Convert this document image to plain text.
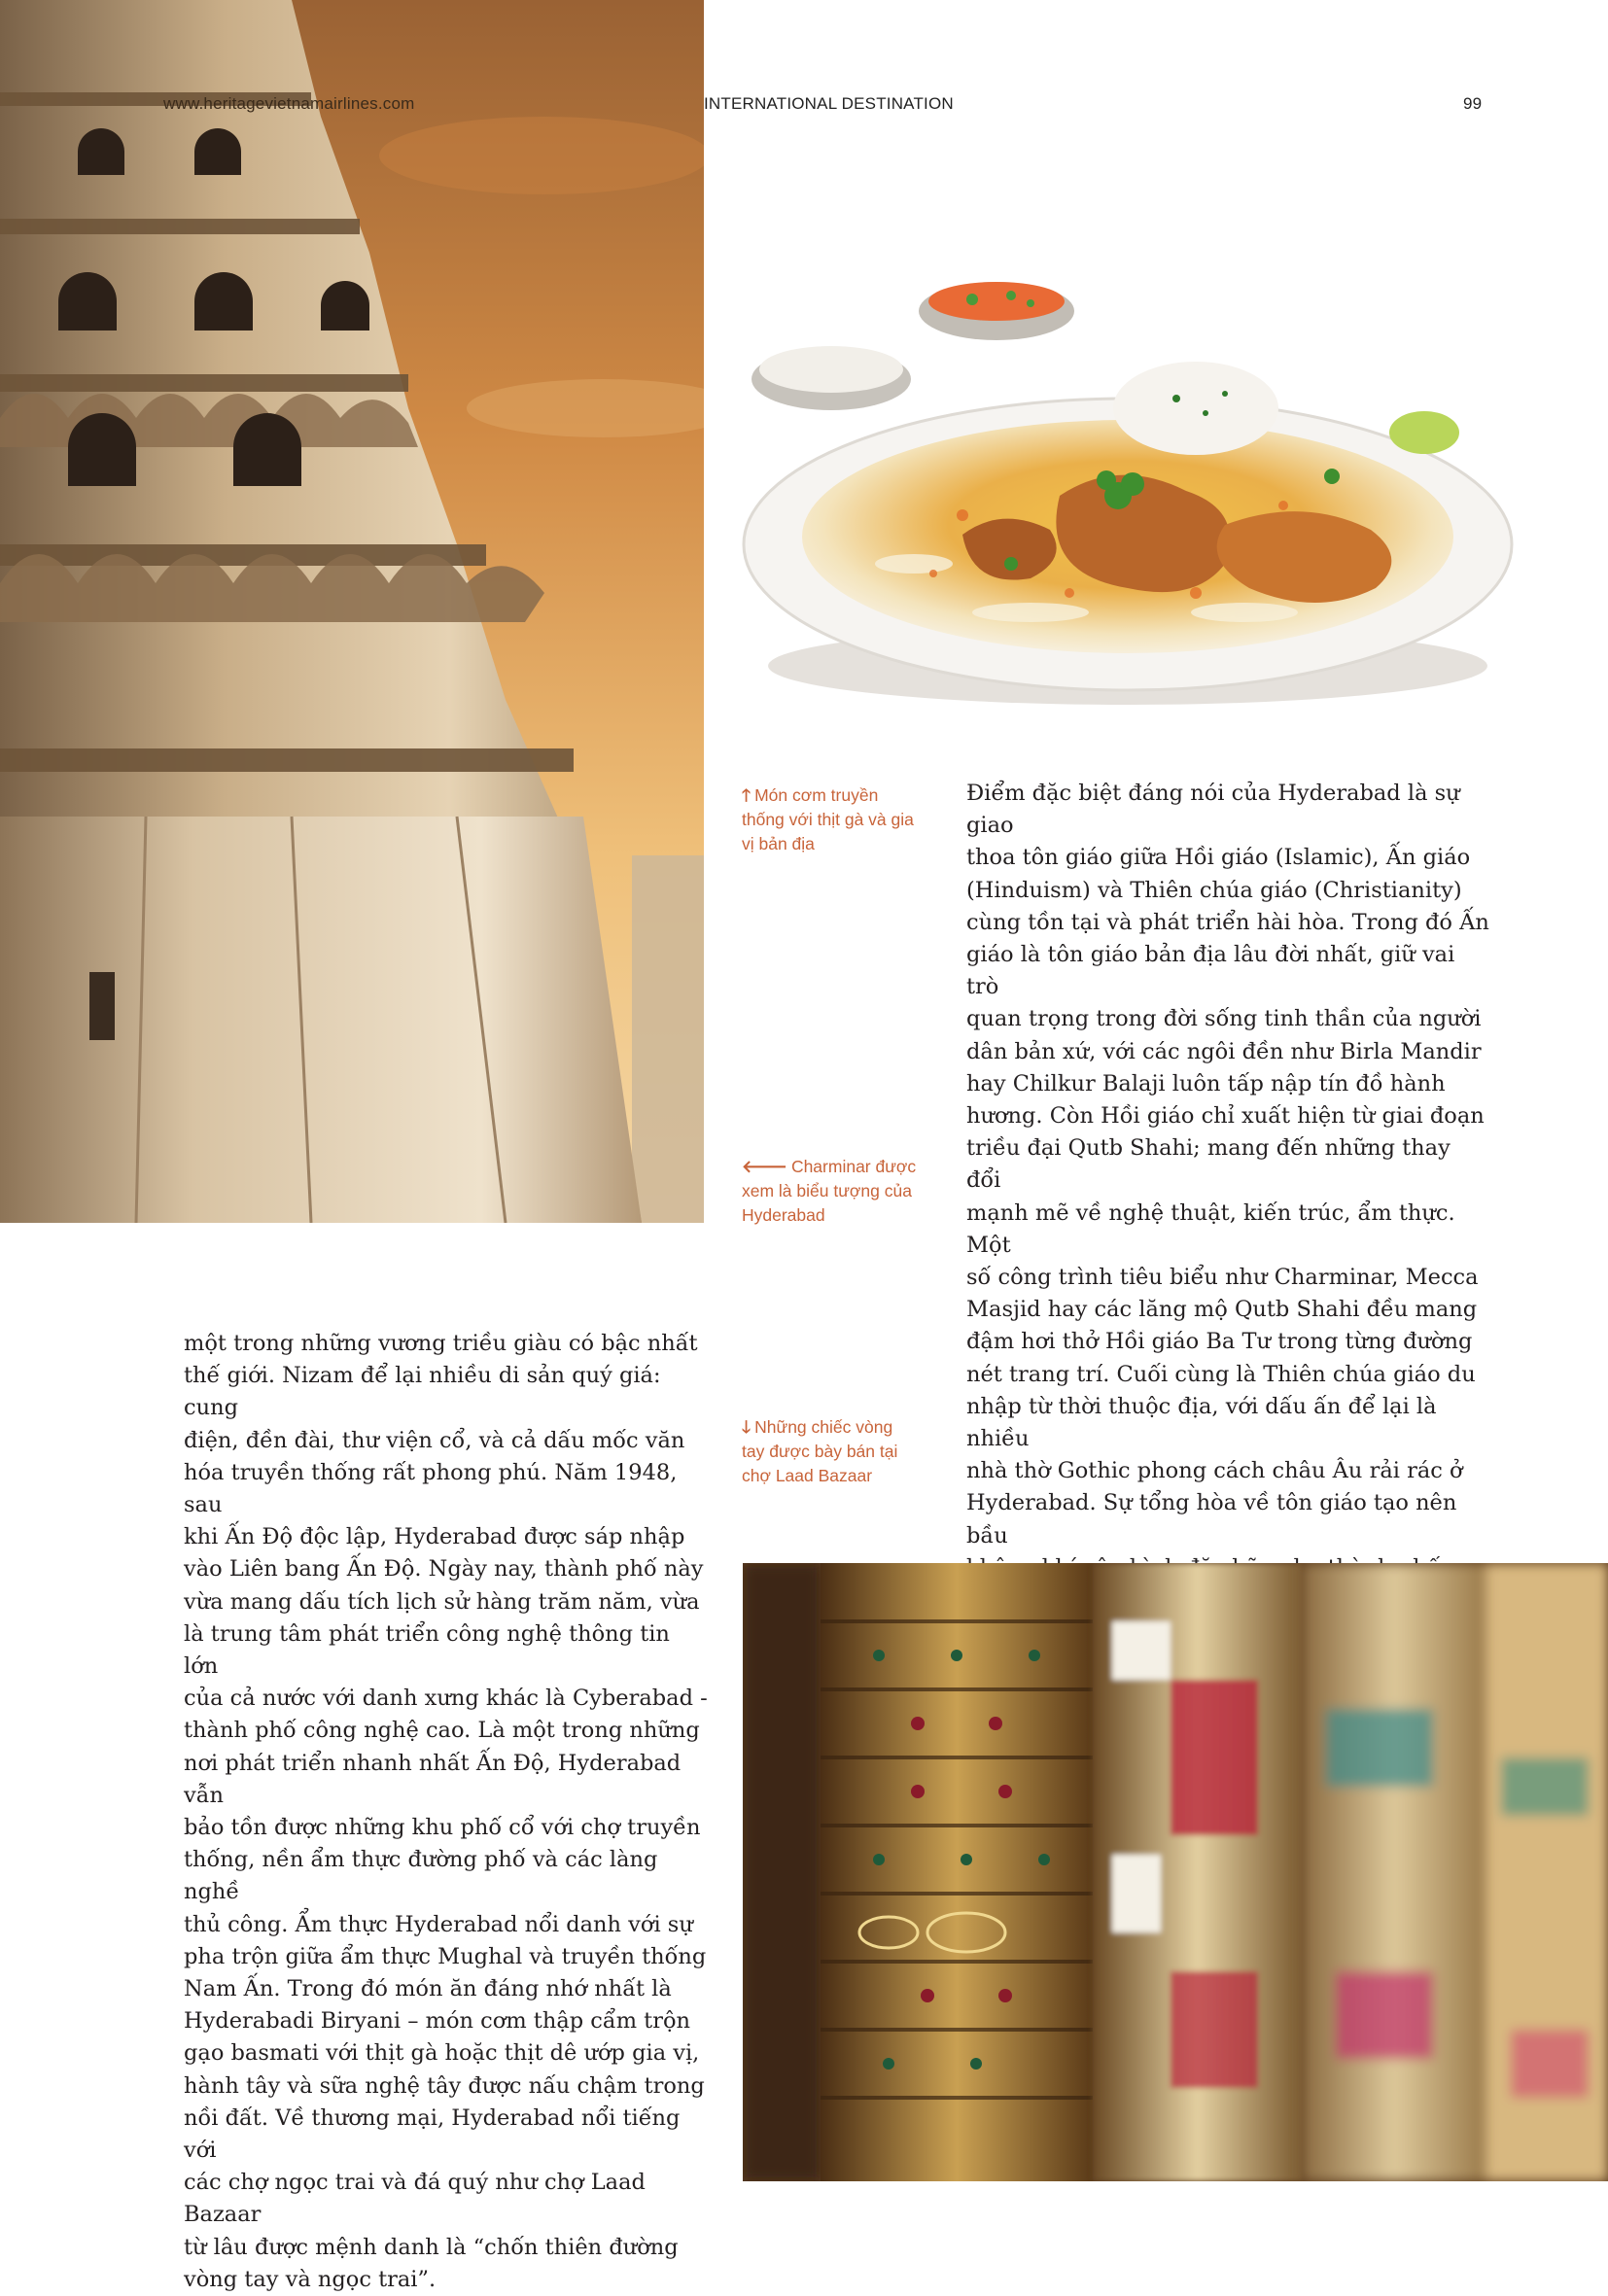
www.heritagevietnamairlines.com	INTERNATIONAL DESTINATION	99
🡑 Món cơm truyền thống với thịt gà và gia vị bản địa
🡐 Charminar được xem là biểu tượng của Hyderabad
🡓 Những chiếc vòng tay được bày bán tại chợ Laad Bazaar
Điểm đặc biệt đáng nói của Hyderabad là sự giao
thoa tôn giáo giữa Hồi giáo (Islamic), Ấn giáo
(Hinduism) và Thiên chúa giáo (Christianity)
cùng tồn tại và phát triển hài hòa. Trong đó Ấn
giáo là tôn giáo bản địa lâu đời nhất, giữ vai trò
quan trọng trong đời sống tinh thần của người
dân bản xứ, với các ngôi đền như Birla Mandir
hay Chilkur Balaji luôn tấp nập tín đồ hành
hương. Còn Hồi giáo chỉ xuất hiện từ giai đoạn
triều đại Qutb Shahi; mang đến những thay đổi
mạnh mẽ về nghệ thuật, kiến trúc, ẩm thực. Một
số công trình tiêu biểu như Charminar, Mecca
Masjid hay các lăng mộ Qutb Shahi đều mang
đậm hơi thở Hồi giáo Ba Tư trong từng đường
nét trang trí. Cuối cùng là Thiên chúa giáo du
nhập từ thời thuộc địa, với dấu ấn để lại là nhiều
nhà thờ Gothic phong cách châu Âu rải rác ở
Hyderabad. Sự tổng hòa về tôn giáo tạo nên bầu

một trong những vương triều giàu có bậc nhất
thế giới. Nizam để lại nhiều di sản quý giá: cung
điện, đền đài, thư viện cổ, và cả dấu mốc văn
hóa truyền thống rất phong phú. Năm 1948, sau
khi Ấn Độ độc lập, Hyderabad được sáp nhập
vào Liên bang Ấn Độ. Ngày nay, thành phố này
vừa mang dấu tích lịch sử hàng trăm năm, vừa
là trung tâm phát triển công nghệ thông tin lớn
của cả nước với danh xưng khác là Cyberabad -
thành phố công nghệ cao. Là một trong những
nơi phát triển nhanh nhất Ấn Độ, Hyderabad vẫn
bảo tồn được những khu phố cổ với chợ truyền
thống, nền ẩm thực đường phố và các làng nghề
thủ công. Ẩm thực Hyderabad nổi danh với sự
pha trộn giữa ẩm thực Mughal và truyền thống
Nam Ấn. Trong đó món ăn đáng nhớ nhất là
Hyderabadi Biryani – món cơm thập cẩm trộn
gạo basmati với thịt gà hoặc thịt dê ướp gia vị,
hành tây và sữa nghệ tây được nấu chậm trong
nồi đất. Về thương mại, Hyderabad nổi tiếng với
các chợ ngọc trai và đá quý như chợ Laad Bazaar
từ lâu được mệnh danh là “chốn thiên đường
vòng tay và ngọc trai”.
